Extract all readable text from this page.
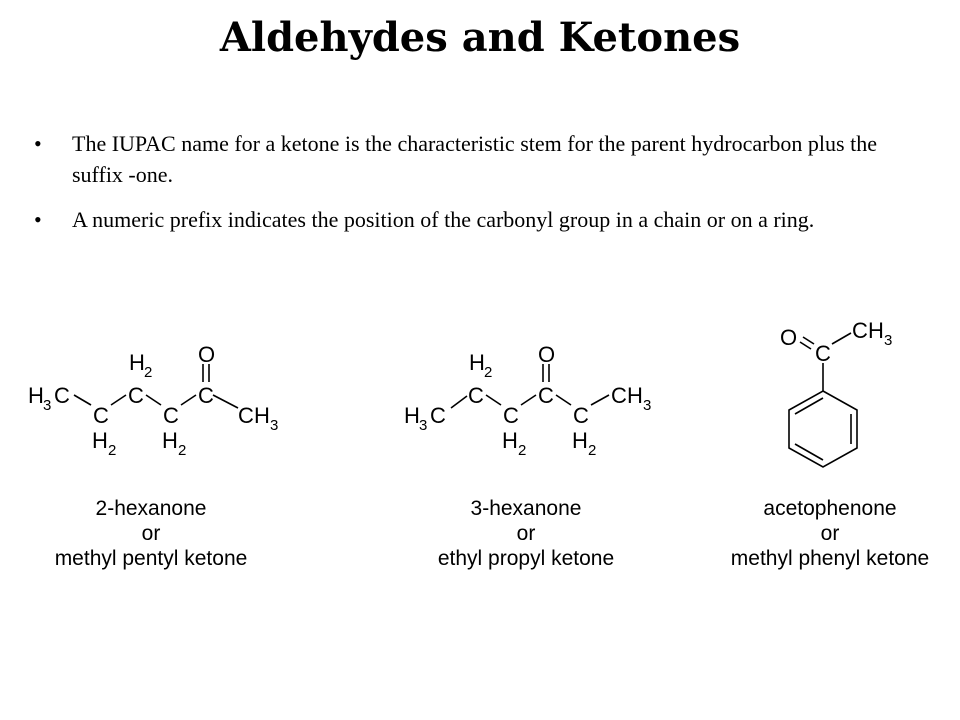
Aldehydes and Ketones
• The IUPAC name for a ketone is the characteristic stem for the parent hydrocarbon plus the suffix -one.
• A numeric prefix indicates the position of the carbonyl group in a chain or on a ring.
H 3 C
C
H 2
C
H 2
C
H 2
C
O
C H 3
2-hexanone
or
methyl pentyl ketone
H 3 C
C
H 2
C
H 2
C
O
C
H 2
C H 3
3-hexanone
or
ethyl propyl ketone
O
C
C H 3
acetophenone
or
methyl phenyl ketone
